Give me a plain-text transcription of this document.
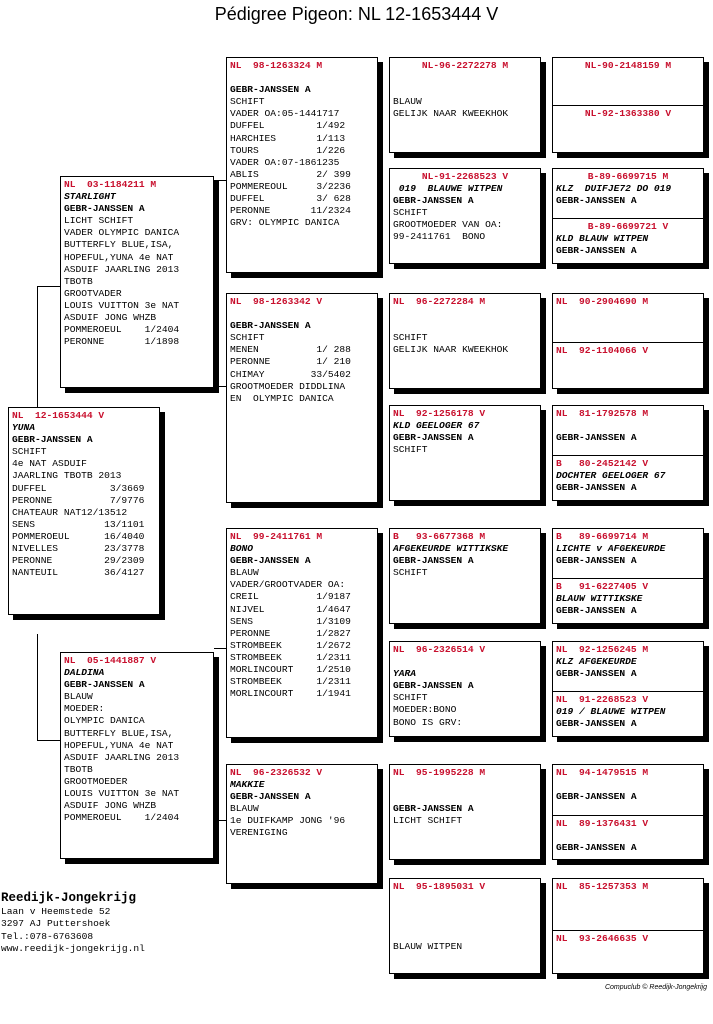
Pédigree Pigeon: NL 12-1653444 V
NL  12-1653444 V
YUNA
GEBR-JANSSEN A
SCHIFT
4e NAT ASDUIF
JAARLING TBOTB 2013
DUFFEL           3/3669
PERONNE          7/9776
CHATEAUR NAT12/13512
SENS            13/1101
POMMEROEUL      16/4040
NIVELLES        23/3778
PERONNE         29/2309
NANTEUIL        36/4127
NL  03-1184211 M
STARLIGHT
GEBR-JANSSEN A
LICHT SCHIFT
VADER OLYMPIC DANICA
BUTTERFLY BLUE,ISA,
HOPEFUL,YUNA 4e NAT
ASDUIF JAARLING 2013
TBOTB
GROOTVADER
LOUIS VUITTON 3e NAT
ASDUIF JONG WHZB
POMMEROEUL    1/2404
PERONNE       1/1898
NL  05-1441887 V
DALDINA
GEBR-JANSSEN A
BLAUW
MOEDER:
OLYMPIC DANICA
BUTTERFLY BLUE,ISA,
HOPEFUL,YUNA 4e NAT
ASDUIF JAARLING 2013
TBOTB
GROOTMOEDER
LOUIS VUITTON 3e NAT
ASDUIF JONG WHZB
POMMEROEUL    1/2404
NL  98-1263324 M

GEBR-JANSSEN A
SCHIFT
VADER OA:05-1441717
DUFFEL         1/492
HARCHIES       1/113
TOURS          1/226
VADER OA:07-1861235
ABLIS          2/ 399
POMMEREOUL     3/2236
DUFFEL         3/ 628
PERONNE       11/2324
GRV: OLYMPIC DANICA
NL  98-1263342 V

GEBR-JANSSEN A
SCHIFT
MENEN          1/ 288
PERONNE        1/ 210
CHIMAY        33/5402
GROOTMOEDER DIDDLINA
EN  OLYMPIC DANICA
NL  99-2411761 M
BONO
GEBR-JANSSEN A
BLAUW
VADER/GROOTVADER OA:
CREIL          1/9187
NIJVEL         1/4647
SENS           1/3109
PERONNE        1/2827
STROMBEEK      1/2672
STROMBEEK      1/2311
MORLINCOURT    1/2510
STROMBEEK      1/2311
MORLINCOURT    1/1941
NL  96-2326532 V
MAKKIE
GEBR-JANSSEN A
BLAUW
1e DUIFKAMP JONG '96
VERENIGING
NL-96-2272278 M

BLAUW
GELIJK NAAR KWEEKHOK
NL-91-2268523 V
019  BLAUWE WITPEN
GEBR-JANSSEN A
SCHIFT
GROOTMOEDER VAN OA:
99-2411761  BONO
NL  96-2272284 M

SCHIFT
GELIJK NAAR KWEEKHOK
NL  92-1256178 V
KLD GEELOGER 67
GEBR-JANSSEN A
SCHIFT
B   93-6677368 M
AFGEKEURDE WITTIKSKE
GEBR-JANSSEN A
SCHIFT
NL  96-2326514 V

YARA
GEBR-JANSSEN A
SCHIFT
MOEDER:BONO
BONO IS GRV:
NL  95-1995228 M

GEBR-JANSSEN A
LICHT SCHIFT
NL  95-1895031 V

BLAUW WITPEN
NL-90-2148159 M
NL-92-1363380 V
B-89-6699715 M
KLZ  DUIFJE72 DO 019
GEBR-JANSSEN A
B-89-6699721 V
KLD BLAUW WITPEN
GEBR-JANSSEN A
NL  90-2904690 M
NL  92-1104066 V
NL  81-1792578 M

GEBR-JANSSEN A
B   80-2452142 V
DOCHTER GEELOGER 67
GEBR-JANSSEN A
B   89-6699714 M
LICHTE v AFGEKEURDE
GEBR-JANSSEN A
B   91-6227405 V
BLAUW WITTIKSKE
GEBR-JANSSEN A
NL  92-1256245 M
KLZ AFGEKEURDE
GEBR-JANSSEN A
NL  91-2268523 V
019 / BLAUWE WITPEN
GEBR-JANSSEN A
NL  94-1479515 M

GEBR-JANSSEN A
NL  89-1376431 V

GEBR-JANSSEN A
NL  85-1257353 M
NL  93-2646635 V
Reedijk-Jongekrijg
Laan v Heemstede 52
3297 AJ Puttershoek
Tel.:078-6763608
www.reedijk-jongekrijg.nl
Compuclub © Reedijk-Jongekrijg
